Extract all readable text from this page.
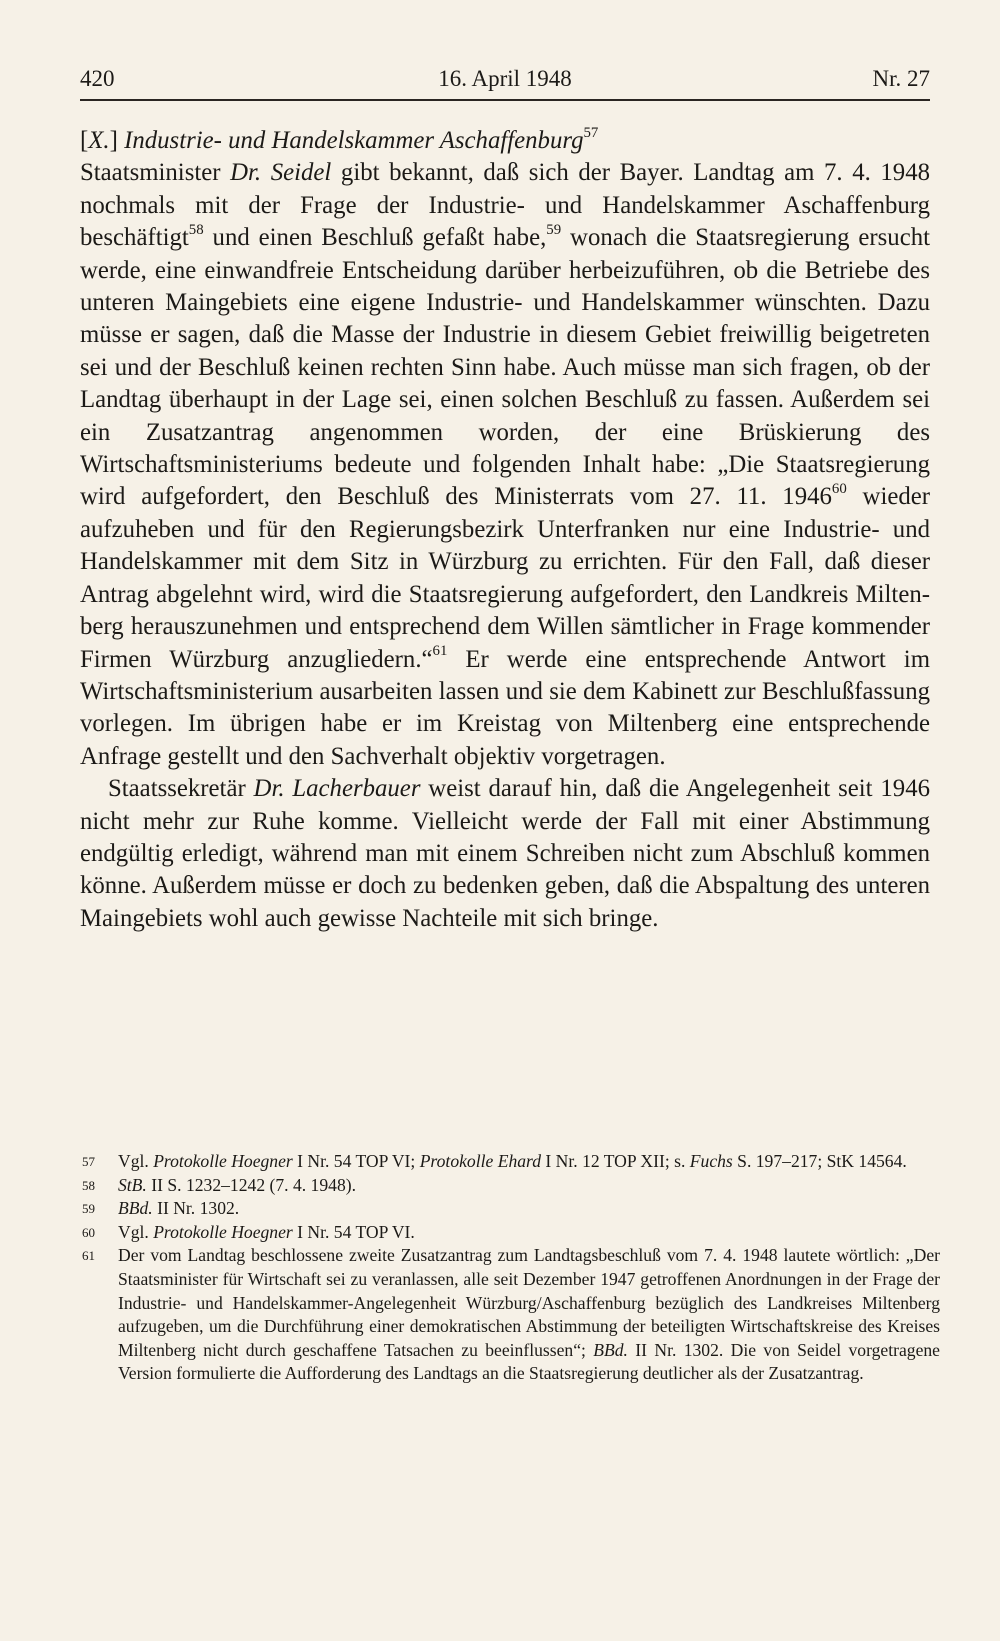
420	16. April 1948	Nr. 27

[X.] Industrie- und Handelskammer Aschaffenburg$^{57}$

Staatsminister Dr. Seidel gibt bekannt, daß sich der Bayer. Landtag am 7. 4. 1948 nochmals mit der Frage der Industrie- und Handelskammer Aschaffenburg beschäftigt$^{58}$ und einen Beschluß gefaßt habe,$^{59}$ wonach die Staatsregierung ersucht werde, eine einwandfreie Entscheidung darüber herbeizuführen, ob die Betriebe des unteren Maingebiets eine eigene Industrie- und Handelskammer wünschten. Dazu müsse er sagen, daß die Masse der Industrie in diesem Gebiet freiwillig beigetreten sei und der Beschluß keinen rechten Sinn habe. Auch müsse man sich fragen, ob der Landtag überhaupt in der Lage sei, einen solchen Beschluß zu fassen. Außerdem sei ein Zusatzantrag angenommen worden, der eine Brüskierung des Wirtschaftsministeriums bedeute und folgenden Inhalt habe: „Die Staatsregierung wird aufgefordert, den Beschluß des Ministerrats vom 27. 11. 1946$^{60}$ wieder aufzuheben und für den Regierungsbezirk Unterfranken nur eine Industrie- und Handelskammer mit dem Sitz in Würzburg zu errichten. Für den Fall, daß dieser Antrag abgelehnt wird, wird die Staatsregierung aufgefordert, den Landkreis Miltenberg herauszunehmen und entsprechend dem Willen sämtlicher in Frage kommender Firmen Würzburg anzugliedern.“$^{61}$ Er werde eine entsprechende Antwort im Wirtschaftsministerium ausarbeiten lassen und sie dem Kabinett zur Beschlußfassung vorlegen. Im übrigen habe er im Kreistag von Miltenberg eine entsprechende Anfrage gestellt und den Sachverhalt objektiv vorgetragen.

Staatssekretär Dr. Lacherbauer weist darauf hin, daß die Angelegenheit seit 1946 nicht mehr zur Ruhe komme. Vielleicht werde der Fall mit einer Abstimmung endgültig erledigt, während man mit einem Schreiben nicht zum Abschluß kommen könne. Außerdem müsse er doch zu bedenken geben, daß die Abspaltung des unteren Maingebiets wohl auch gewisse Nachteile mit sich bringe.

57 Vgl. Protokolle Hoegner I Nr. 54 TOP VI; Protokolle Ehard I Nr. 12 TOP XII; s. Fuchs S. 197–217; StK 14564.
58 StB. II S. 1232–1242 (7. 4. 1948).
59 BBd. II Nr. 1302.
60 Vgl. Protokolle Hoegner I Nr. 54 TOP VI.
61 Der vom Landtag beschlossene zweite Zusatzantrag zum Landtagsbeschluß vom 7. 4. 1948 lautete wörtlich: „Der Staatsminister für Wirtschaft sei zu veranlassen, alle seit Dezember 1947 getroffenen Anordnungen in der Frage der Industrie- und Handelskammer-Angelegenheit Würzburg/Aschaffenburg bezüglich des Landkreises Miltenberg aufzugeben, um die Durchführung einer demokratischen Abstimmung der beteiligten Wirtschaftskreise des Kreises Miltenberg nicht durch geschaffene Tatsachen zu beeinflussen“; BBd. II Nr. 1302. Die von Seidel vorgetragene Version formulierte die Aufforderung des Landtags an die Staatsregierung deutlicher als der Zusatzantrag.
